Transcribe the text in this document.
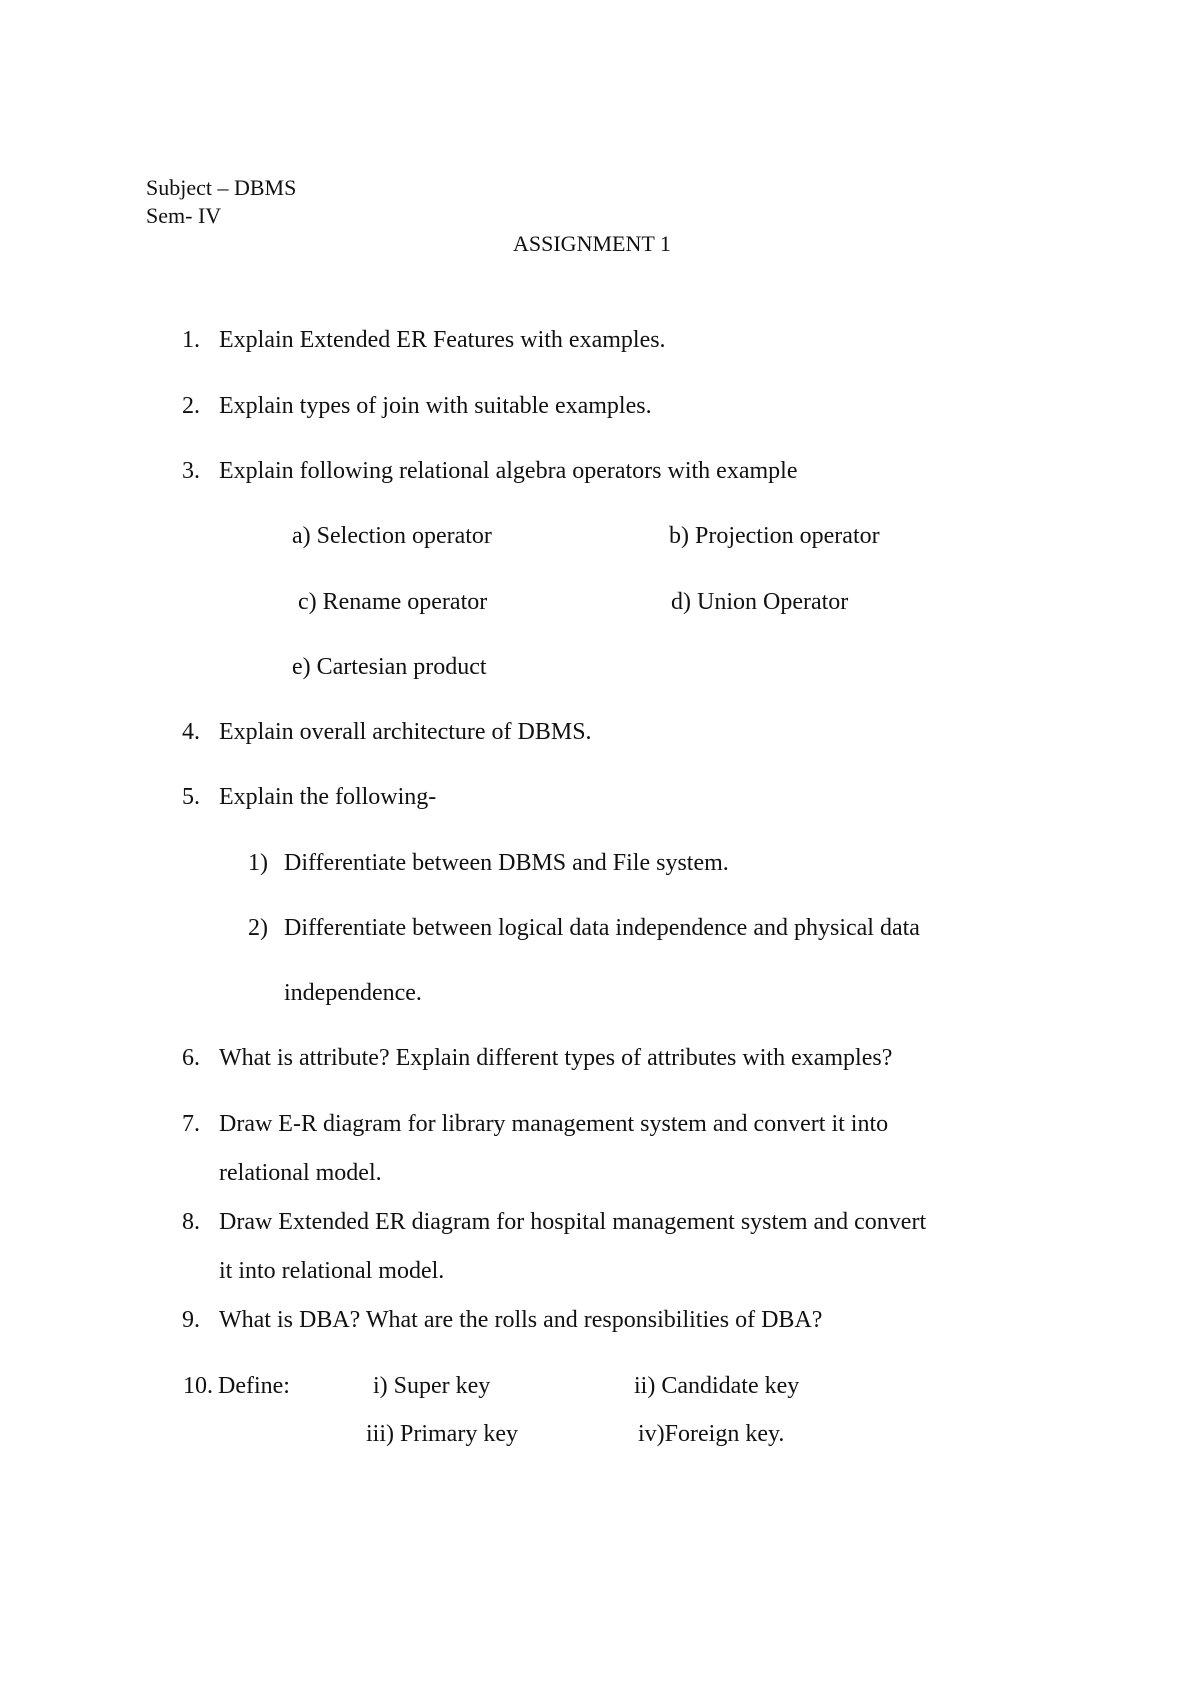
Subject – DBMS
Sem- IV
ASSIGNMENT 1
1. Explain Extended ER Features with examples.
2. Explain types of join with suitable examples.
3. Explain following relational algebra operators with example
a) Selection operator	b) Projection operator
c) Rename operator	d) Union Operator
e) Cartesian product
4. Explain overall architecture of DBMS.
5. Explain the following-
1) Differentiate between DBMS and File system.
2) Differentiate between logical data independence and physical data
independence.
6. What is attribute? Explain different types of attributes with examples?
7. Draw E-R diagram for library management system and convert it into
relational model.
8. Draw Extended ER diagram for hospital management system and convert
it into relational model.
9. What is DBA? What are the rolls and responsibilities of DBA?
10. Define:	i) Super key	ii) Candidate key
iii) Primary key	iv)Foreign key.
